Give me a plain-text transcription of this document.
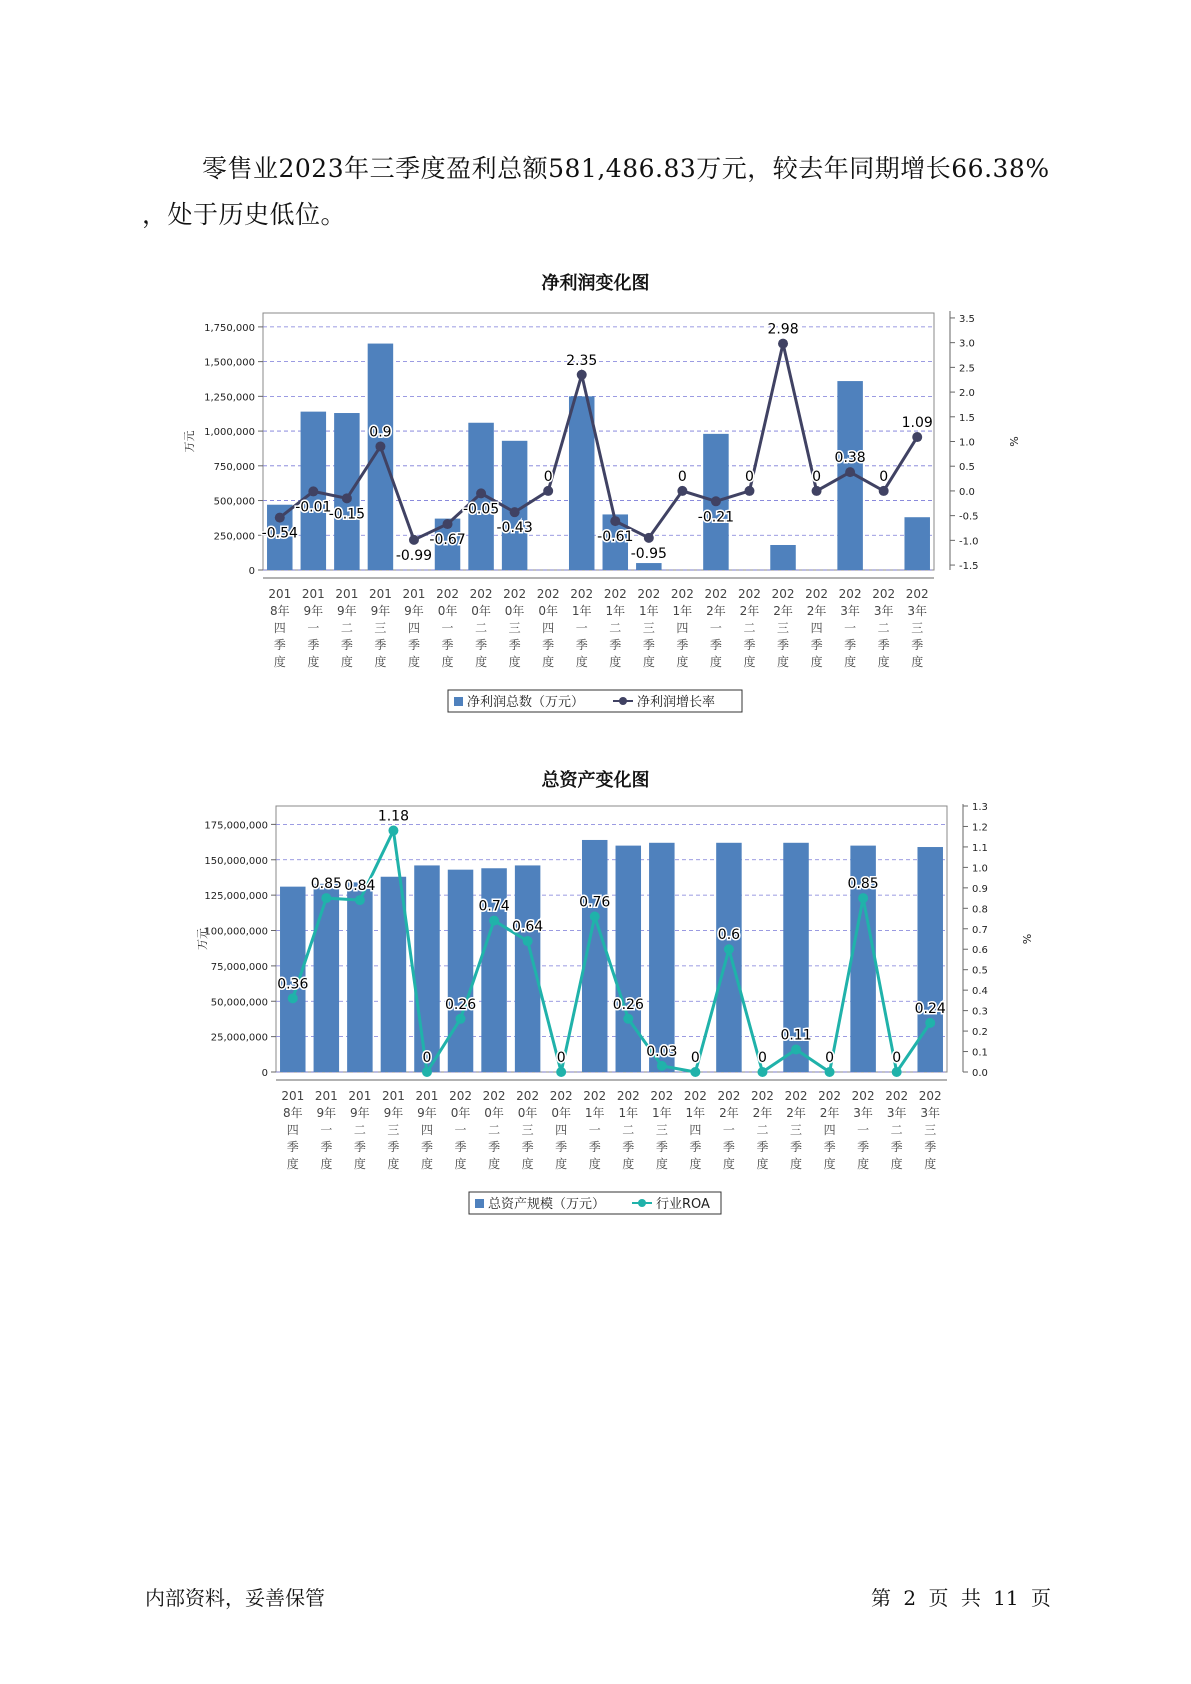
零售业2023年三季度盈利总额581,486.83万元，较去年同期增长66.38%
，处于历史低位。
净利润变化图
0
250,000
500,000
750,000
1,000,000
1,250,000
1,500,000
1,750,000
-1.5
-1.0
-0.5
0.0
0.5
1.0
1.5
2.0
2.5
3.0
3.5
万元	%
-0.54
-0.01
-0.15
0.9
-0.99
-0.67
-0.05
-0.43
0
2.35
-0.61
-0.95
0
-0.21
0
2.98
0
0.38
0
1.09
201
8年
四
季
度
201
9年
一
季
度
201
9年
二
季
度
201
9年
三
季
度
201
9年
四
季
度
202
0年
一
季
度
202
0年
二
季
度
202
0年
三
季
度
202
0年
四
季
度
202
1年
一
季
度
202
1年
二
季
度
202
1年
三
季
度
202
1年
四
季
度
202
2年
一
季
度
202
2年
二
季
度
202
2年
三
季
度
202
2年
四
季
度
202
3年
一
季
度
202
3年
二
季
度
202
3年
三
季
度
净利润总数（万元）	净利润增长率
总资产变化图
0
25,000,000
50,000,000
75,000,000
100,000,000
125,000,000
150,000,000
175,000,000
0.0
0.1
0.2
0.3
0.4
0.5
0.6
0.7
0.8
0.9
1.0
1.1
1.2
1.3
万元	%
0.36
0.85 0.84
1.18
0
0.26
0.74
0.64
0
0.76
0.26
0.03 0
0.6
0
0.11
0
0.85
0
0.24
201
8年
四
季
度
201
9年
一
季
度
201
9年
二
季
度
201
9年
三
季
度
201
9年
四
季
度
202
0年
一
季
度
202
0年
二
季
度
202
0年
三
季
度
202
0年
四
季
度
202
1年
一
季
度
202
1年
二
季
度
202
1年
三
季
度
202
1年
四
季
度
202
2年
一
季
度
202
2年
二
季
度
202
2年
三
季
度
202
2年
四
季
度
202
3年
一
季
度
202
3年
二
季
度
202
3年
三
季
度
总资产规模（万元）	行业ROA
内部资料，妥善保管	第 2 页 共 11 页
